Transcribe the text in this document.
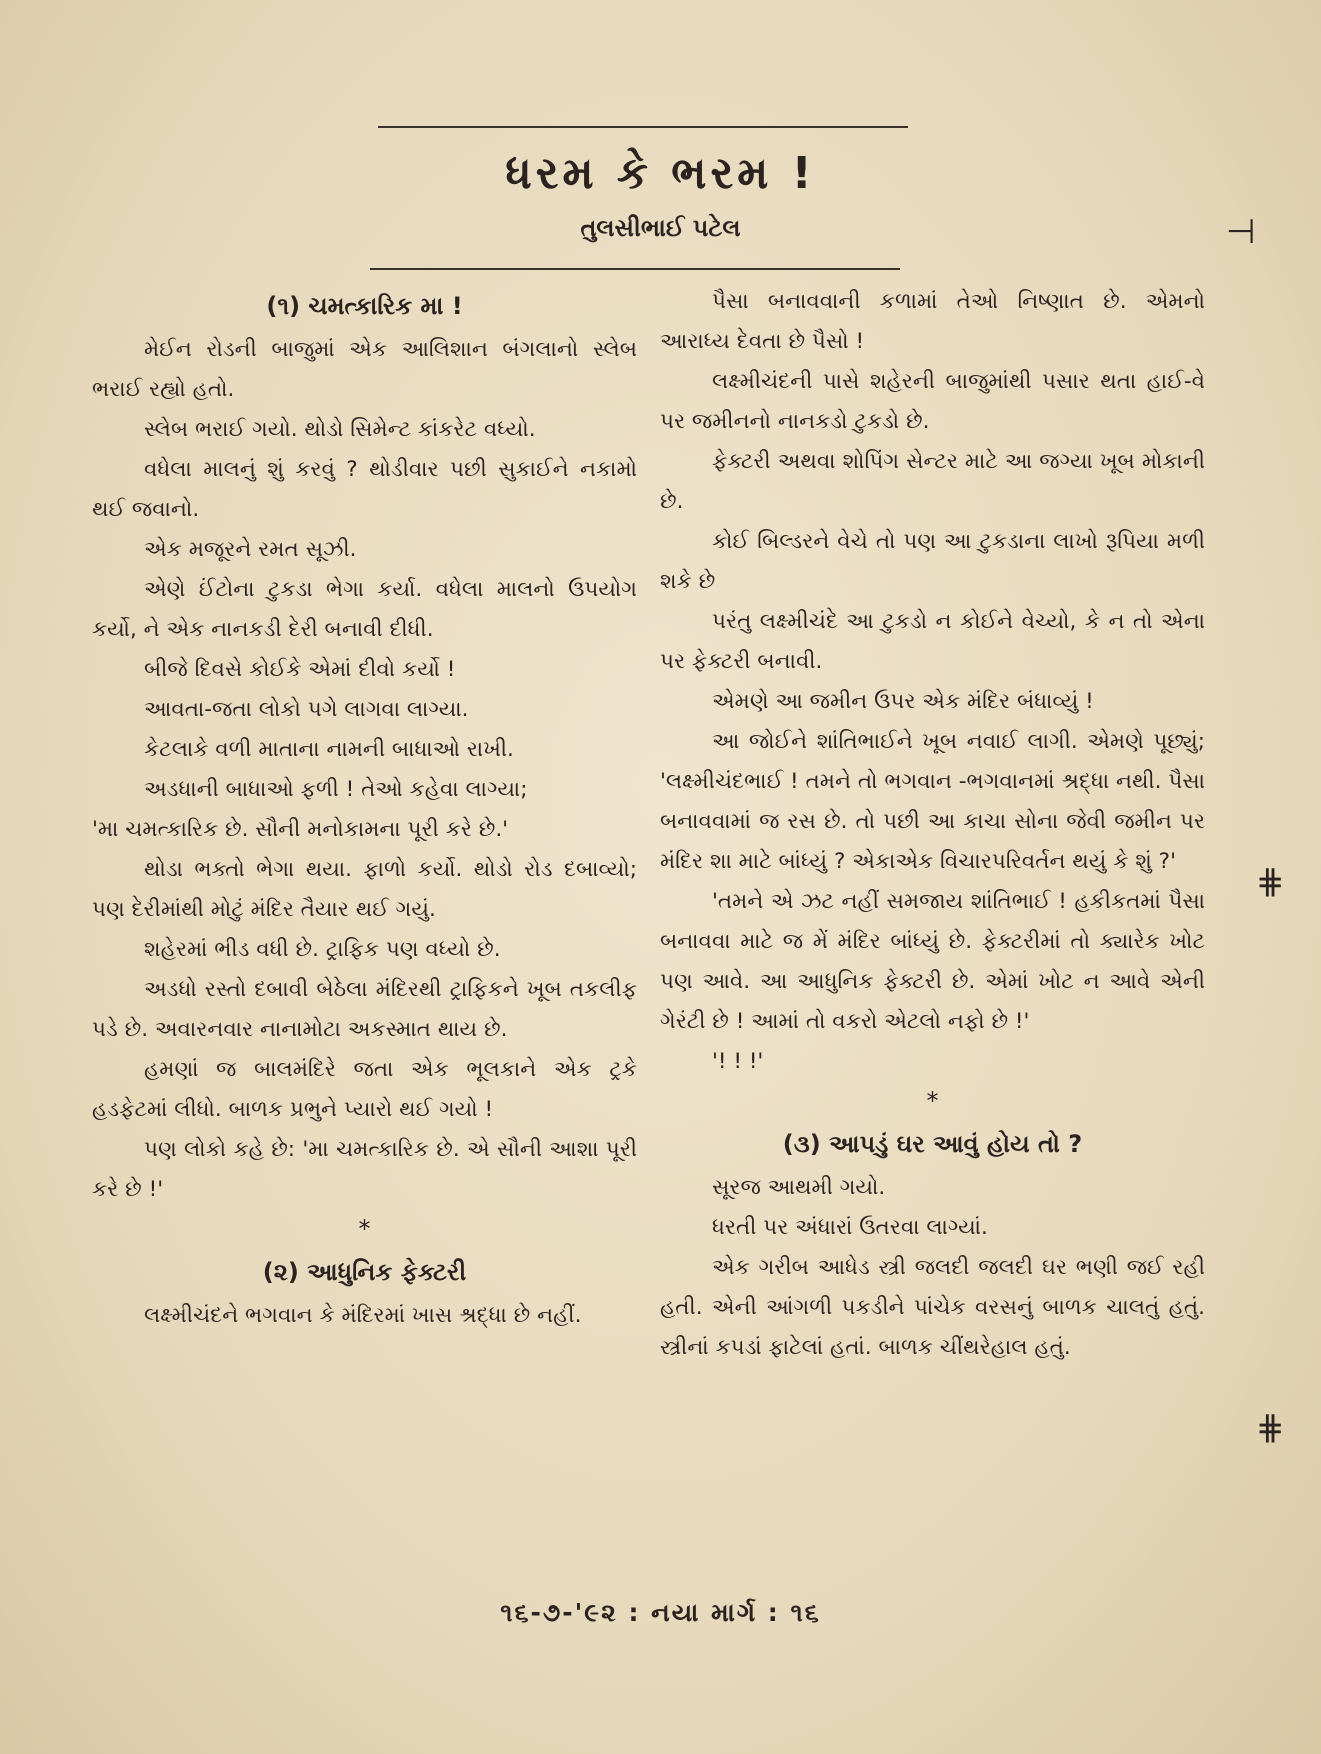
ધરમ કે ભરમ !
તુલસીભાઈ પટેલ
(૧) ચમત્કારિક મા !

મેઈન રોડની બાજુમાં એક આલિશાન બંગલાનો સ્લેબ ભરાઈ રહ્યો હતો.

સ્લેબ ભરાઈ ગયો. થોડો સિમેન્ટ કાંકરેટ વધ્યો.

વધેલા માલનું શું કરવું ? થોડીવાર પછી સુકાઈને નકામો થઈ જવાનો.

એક મજૂરને રમત સૂઝી.

એણે ઈંટોના ટુકડા ભેગા કર્યા. વધેલા માલનો ઉપયોગ કર્યો, ને એક નાનકડી દેરી બનાવી દીધી.

બીજે દિવસે કોઈકે એમાં દીવો કર્યો !

આવતા-જતા લોકો પગે લાગવા લાગ્યા.

કેટલાકે વળી માતાના નામની બાધાઓ રાખી.

અડધાની બાધાઓ ફળી ! તેઓ કહેવા લાગ્યા;

'મા ચમત્કારિક છે. સૌની મનોકામના પૂરી કરે છે.'

થોડા ભક્તો ભેગા થયા. ફાળો કર્યો. થોડો રોડ દબાવ્યો; પણ દેરીમાંથી મોટું મંદિર તૈયાર થઈ ગયું.

શહેરમાં ભીડ વધી છે. ટ્રાફિક પણ વધ્યો છે.

અડધો રસ્તો દબાવી બેઠેલા મંદિરથી ટ્રાફિકને ખૂબ તકલીફ પડે છે. અવારનવાર નાનામોટા અકસ્માત થાય છે.

હમણાં જ બાલમંદિરે જતા એક ભૂલકાને એક ટ્રકે હડફેટમાં લીધો. બાળક પ્રભુને પ્યારો થઈ ગયો !

પણ લોકો કહે છે: 'મા ચમત્કારિક છે. એ સૌની આશા પૂરી કરે છે !'

*
(૨) આધુનિક ફેક્ટરી

લક્ષ્મીચંદને ભગવાન કે મંદિરમાં ખાસ શ્રદ્ધા છે નહીં.

પૈસા બનાવવાની કળામાં તેઓ નિષ્ણાત છે. એમનો આરાધ્ય દેવતા છે પૈસો !

લક્ષ્મીચંદની પાસે શહેરની બાજુમાંથી પસાર થતા હાઈ-વે પર જમીનનો નાનકડો ટુકડો છે.

ફેક્ટરી અથવા શોપિંગ સેન્ટર માટે આ જગ્યા ખૂબ મોકાની છે.

કોઈ બિલ્ડરને વેચે તો પણ આ ટુકડાના લાખો રૂપિયા મળી શકે છે

પરંતુ લક્ષ્મીચંદે આ ટુકડો ન કોઈને વેચ્યો, કે ન તો એના પર ફેક્ટરી બનાવી.

એમણે આ જમીન ઉપર એક મંદિર બંધાવ્યું !

આ જોઈને શાંતિભાઈને ખૂબ નવાઈ લાગી. એમણે પૂછ્યું; 'લક્ષ્મીચંદભાઈ ! તમને તો ભગવાન -ભગવાનમાં શ્રદ્ધા નથી. પૈસા બનાવવામાં જ રસ છે. તો પછી આ કાચા સોના જેવી જમીન પર મંદિર શા માટે બાંધ્યું ? એકાએક વિચારપરિવર્તન થયું કે શું ?'

'તમને એ ઝટ નહીં સમજાય શાંતિભાઈ ! હકીકતમાં પૈસા બનાવવા માટે જ મેં મંદિર બાંધ્યું છે. ફેક્ટરીમાં તો ક્યારેક ખોટ પણ આવે. આ આધુનિક ફેક્ટરી છે. એમાં ખોટ ન આવે એની ગેરંટી છે ! આમાં તો વકરો એટલો નફો છે !'

'! ! !'

*
(૩) આપડું ઘર આવું હોય તો ?

સૂરજ આથમી ગયો.

ધરતી પર અંધારાં ઉતરવા લાગ્યાં.

એક ગરીબ આધેડ સ્ત્રી જલદી જલદી ઘર ભણી જઈ રહી હતી. એની આંગળી પકડીને પાંચેક વરસનું બાળક ચાલતું હતું. સ્ત્રીનાં કપડાં ફાટેલાં હતાં. બાળક ચીંથરેહાલ હતું.

૧૬-૭-'૯૨ : નયા માર્ગ : ૧૬
⊣
⋕
⋕
